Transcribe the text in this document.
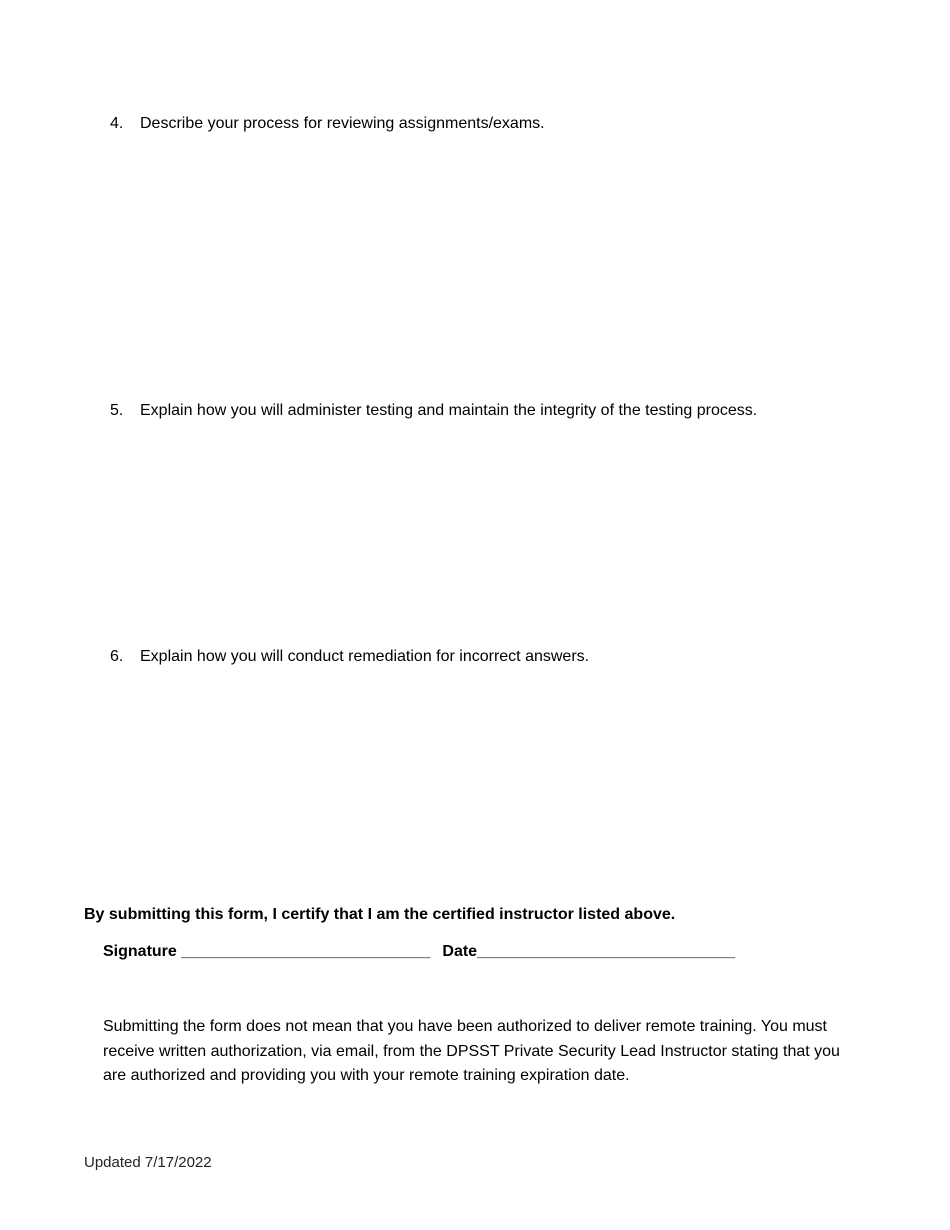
4. Describe your process for reviewing assignments/exams.
5. Explain how you will administer testing and maintain the integrity of the testing process.
6. Explain how you will conduct remediation for incorrect answers.
By submitting this form, I certify that I am the certified instructor listed above.
Signature ____________________________ Date_____________________________
Submitting the form does not mean that you have been authorized to deliver remote training. You must receive written authorization, via email, from the DPSST Private Security Lead Instructor stating that you are authorized and providing you with your remote training expiration date.
Updated 7/17/2022
